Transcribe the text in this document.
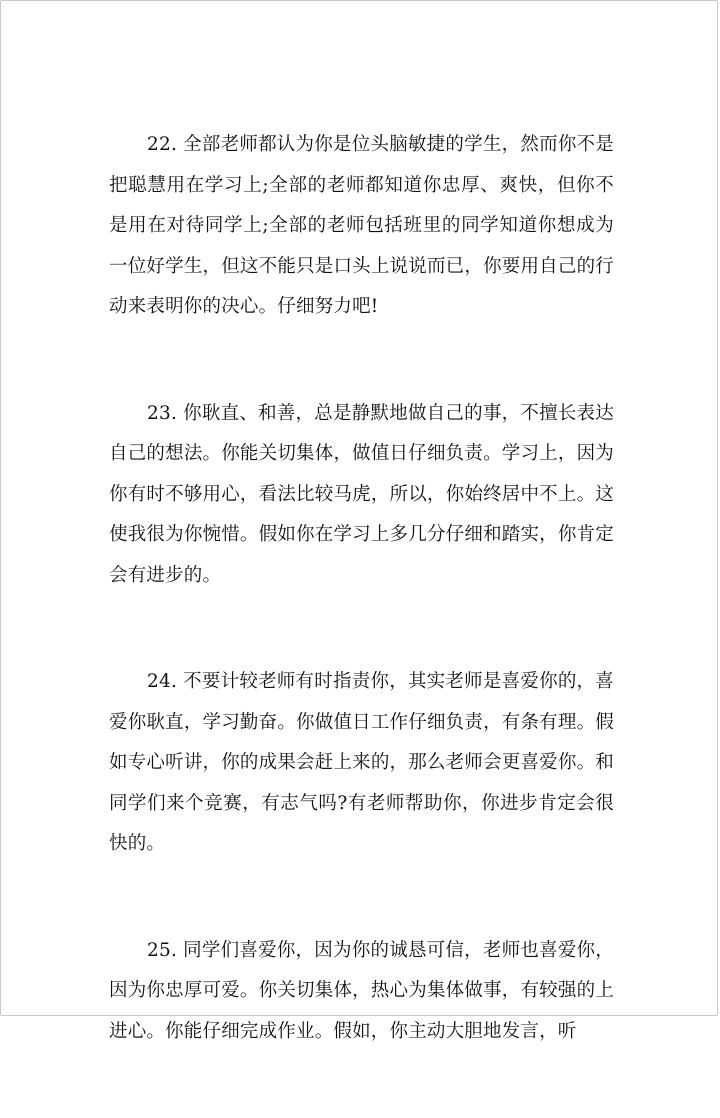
22. 全部老师都认为你是位头脑敏捷的学生，然而你不是把聪慧用在学习上;全部的老师都知道你忠厚、爽快，但你不是用在对待同学上;全部的老师包括班里的同学知道你想成为一位好学生，但这不能只是口头上说说而已，你要用自己的行动来表明你的决心。仔细努力吧!

23. 你耿直、和善，总是静默地做自己的事，不擅长表达自己的想法。你能关切集体，做值日仔细负责。学习上，因为你有时不够用心，看法比较马虎，所以，你始终居中不上。这使我很为你惋惜。假如你在学习上多几分仔细和踏实，你肯定会有进步的。

24. 不要计较老师有时指责你，其实老师是喜爱你的，喜爱你耿直，学习勤奋。你做值日工作仔细负责，有条有理。假如专心听讲，你的成果会赶上来的，那么老师会更喜爱你。和同学们来个竞赛，有志气吗?有老师帮助你，你进步肯定会很快的。

25. 同学们喜爱你，因为你的诚恳可信，老师也喜爱你，因为你忠厚可爱。你关切集体，热心为集体做事，有较强的上进心。你能仔细完成作业。假如，你主动大胆地发言，听
